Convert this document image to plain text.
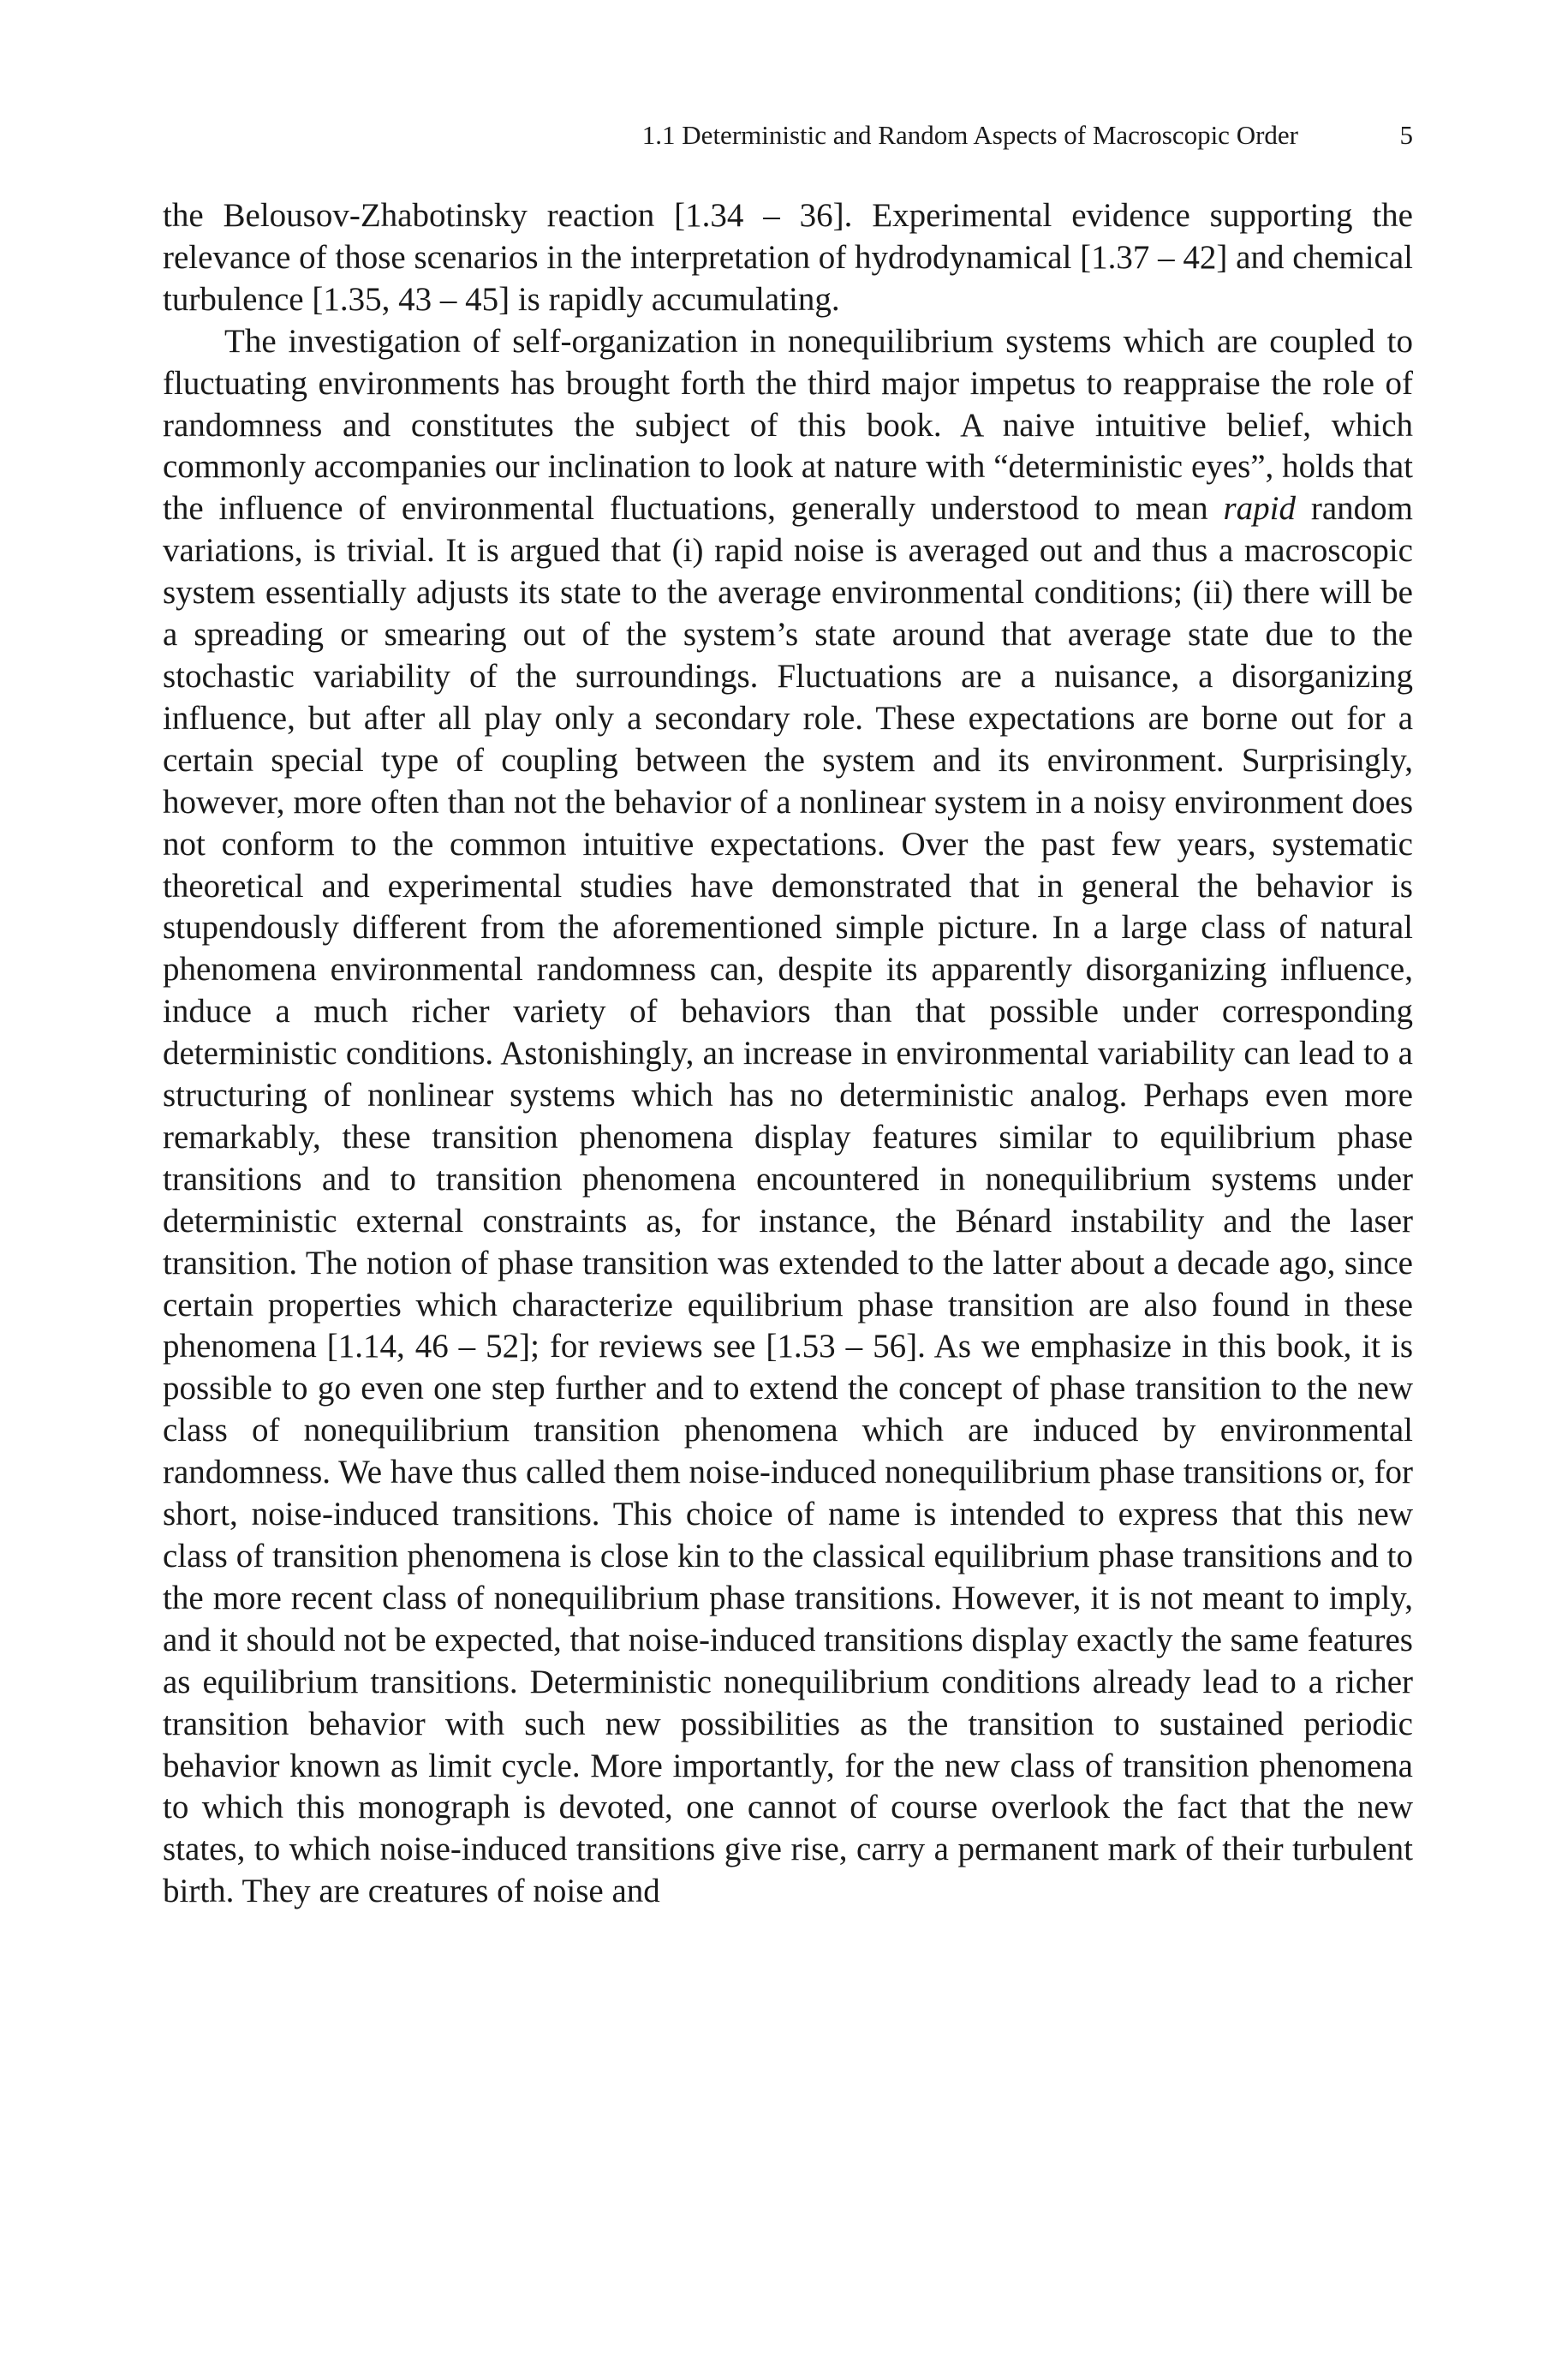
1.1 Deterministic and Random Aspects of Macroscopic Order	5

the Belousov-Zhabotinsky reaction [1.34 – 36]. Experimental evidence supporting the relevance of those scenarios in the interpretation of hydrodynamical [1.37 – 42] and chemical turbulence [1.35, 43 – 45] is rapidly accumulating.

The investigation of self-organization in nonequilibrium systems which are coupled to fluctuating environments has brought forth the third major impetus to reappraise the role of randomness and constitutes the subject of this book. A naive intuitive belief, which commonly accompanies our inclination to look at nature with “deterministic eyes”, holds that the influence of environmental fluctuations, generally understood to mean rapid random variations, is trivial. It is argued that (i) rapid noise is averaged out and thus a macroscopic system essentially adjusts its state to the average environmental conditions; (ii) there will be a spreading or smearing out of the system’s state around that average state due to the stochastic variability of the surroundings. Fluctuations are a nuisance, a disorganizing influence, but after all play only a secondary role. These expectations are borne out for a certain special type of coupling between the system and its environment. Surprisingly, however, more often than not the behavior of a nonlinear system in a noisy environment does not conform to the common intuitive expectations. Over the past few years, systematic theoretical and experimental studies have demonstrated that in general the behavior is stupendously different from the aforementioned simple picture. In a large class of natural phenomena environmental randomness can, despite its apparently disorganizing influence, induce a much richer variety of behaviors than that possible under corresponding deterministic conditions. Astonishingly, an increase in environmental variability can lead to a structuring of nonlinear systems which has no deterministic analog. Perhaps even more remarkably, these transition phenomena display features similar to equilibrium phase transitions and to transition phenomena encountered in nonequilibrium systems under deterministic external constraints as, for instance, the Bénard instability and the laser transition. The notion of phase transition was extended to the latter about a decade ago, since certain properties which characterize equilibrium phase transition are also found in these phenomena [1.14, 46 – 52]; for reviews see [1.53 – 56]. As we emphasize in this book, it is possible to go even one step further and to extend the concept of phase transition to the new class of nonequilibrium transition phenomena which are induced by environmental randomness. We have thus called them noise-induced nonequilibrium phase transitions or, for short, noise-induced transitions. This choice of name is intended to express that this new class of transition phenomena is close kin to the classical equilibrium phase transitions and to the more recent class of nonequilibrium phase transitions. However, it is not meant to imply, and it should not be expected, that noise-induced transitions display exactly the same features as equilibrium transitions. Deterministic nonequilibrium conditions already lead to a richer transition behavior with such new possibilities as the transition to sustained periodic behavior known as limit cycle. More importantly, for the new class of transition phenomena to which this monograph is devoted, one cannot of course overlook the fact that the new states, to which noise-induced transitions give rise, carry a permanent mark of their turbulent birth. They are creatures of noise and
